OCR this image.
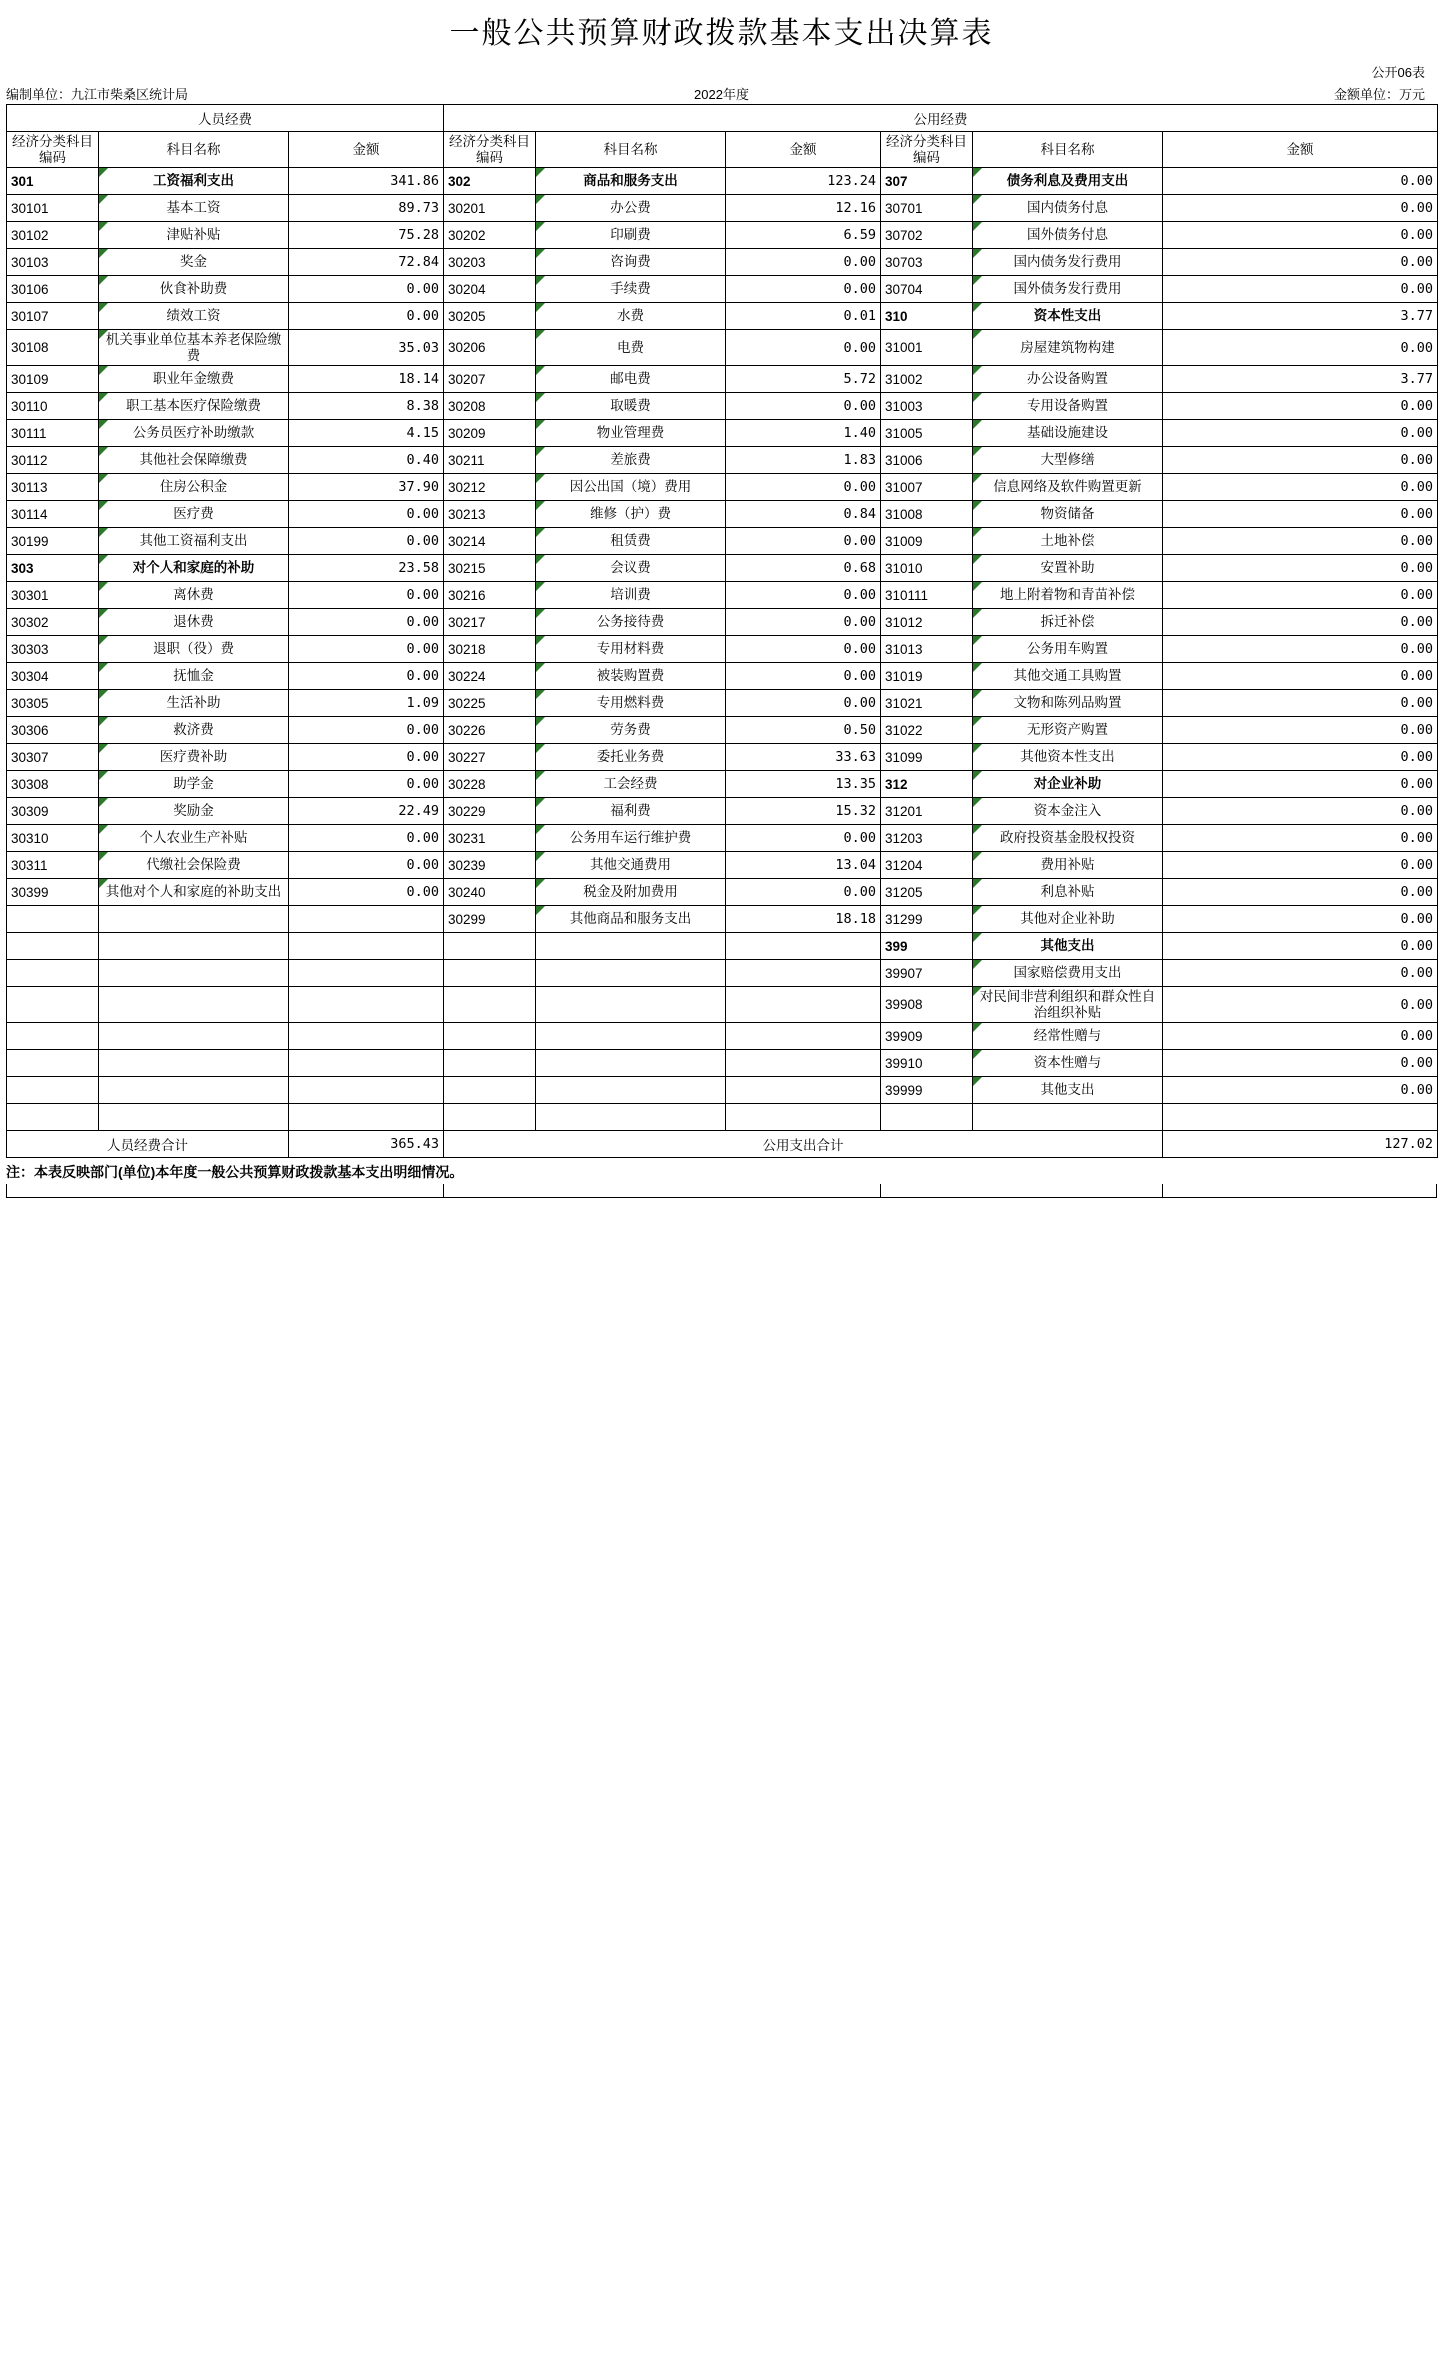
一般公共预算财政拨款基本支出决算表
公开06表
编制单位：九江市柴桑区统计局	2022年度	金额单位：万元
人员经费			公用经费					
经济分类科目编码	科目名称	金额	经济分类科目编码	科目名称	金额	经济分类科目编码	科目名称	金额
301	工资福利支出	341.86	302	商品和服务支出	123.24	307	债务利息及费用支出	0.00
30101	基本工资	89.73	30201	办公费	12.16	30701	国内债务付息	0.00
30102	津贴补贴	75.28	30202	印刷费	6.59	30702	国外债务付息	0.00
30103	奖金	72.84	30203	咨询费	0.00	30703	国内债务发行费用	0.00
30106	伙食补助费	0.00	30204	手续费	0.00	30704	国外债务发行费用	0.00
30107	绩效工资	0.00	30205	水费	0.01	310	资本性支出	3.77
30108	机关事业单位基本养老保险缴费	35.03	30206	电费	0.00	31001	房屋建筑物构建	0.00
30109	职业年金缴费	18.14	30207	邮电费	5.72	31002	办公设备购置	3.77
30110	职工基本医疗保险缴费	8.38	30208	取暖费	0.00	31003	专用设备购置	0.00
30111	公务员医疗补助缴款	4.15	30209	物业管理费	1.40	31005	基础设施建设	0.00
30112	其他社会保障缴费	0.40	30211	差旅费	1.83	31006	大型修缮	0.00
30113	住房公积金	37.90	30212	因公出国（境）费用	0.00	31007	信息网络及软件购置更新	0.00
30114	医疗费	0.00	30213	维修（护）费	0.84	31008	物资储备	0.00
30199	其他工资福利支出	0.00	30214	租赁费	0.00	31009	土地补偿	0.00
303	对个人和家庭的补助	23.58	30215	会议费	0.68	31010	安置补助	0.00
30301	离休费	0.00	30216	培训费	0.00	310111	地上附着物和青苗补偿	0.00
30302	退休费	0.00	30217	公务接待费	0.00	31012	拆迁补偿	0.00
30303	退职（役）费	0.00	30218	专用材料费	0.00	31013	公务用车购置	0.00
30304	抚恤金	0.00	30224	被装购置费	0.00	31019	其他交通工具购置	0.00
30305	生活补助	1.09	30225	专用燃料费	0.00	31021	文物和陈列品购置	0.00
30306	救济费	0.00	30226	劳务费	0.50	31022	无形资产购置	0.00
30307	医疗费补助	0.00	30227	委托业务费	33.63	31099	其他资本性支出	0.00
30308	助学金	0.00	30228	工会经费	13.35	312	对企业补助	0.00
30309	奖励金	22.49	30229	福利费	15.32	31201	资本金注入	0.00
30310	个人农业生产补贴	0.00	30231	公务用车运行维护费	0.00	31203	政府投资基金股权投资	0.00
30311	代缴社会保险费	0.00	30239	其他交通费用	13.04	31204	费用补贴	0.00
30399	其他对个人和家庭的补助支出	0.00	30240	税金及附加费用	0.00	31205	利息补贴	0.00
			30299	其他商品和服务支出	18.18	31299	其他对企业补助	0.00
						399	其他支出	0.00
						39907	国家赔偿费用支出	0.00
						39908	对民间非营利组织和群众性自治组织补贴	0.00
						39909	经常性赠与	0.00
						39910	资本性赠与	0.00
						39999	其他支出	0.00

人员经费合计		365.43	公用支出合计					127.02
注：本表反映部门(单位)本年度一般公共预算财政拨款基本支出明细情况。
